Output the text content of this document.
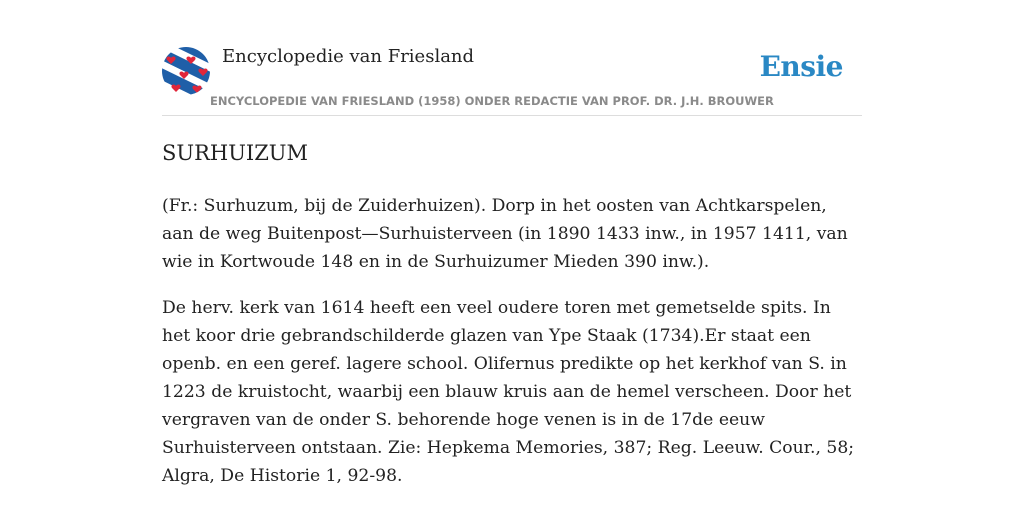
Encyclopedie van Friesland	Ensie
ENCYCLOPEDIE VAN FRIESLAND (1958) ONDER REDACTIE VAN PROF. DR. J.H. BROUWER
SURHUIZUM

(Fr.: Surhuzum, bij de Zuiderhuizen). Dorp in het oosten van Achtkarspelen, aan de weg Buitenpost—Surhuisterveen (in 1890 1433 inw., in 1957 1411, van wie in Kortwoude 148 en in de Surhuizumer Mieden 390 inw.).

De herv. kerk van 1614 heeft een veel oudere toren met gemetselde spits. In het koor drie gebrandschilderde glazen van Ype Staak (1734).Er staat een openb. en een geref. lagere school. Olifernus predikte op het kerkhof van S. in 1223 de kruistocht, waarbij een blauw kruis aan de hemel verscheen. Door het vergraven van de onder S. behorende hoge venen is in de 17de eeuw Surhuisterveen ontstaan. Zie: Hepkema Memories, 387; Reg. Leeuw. Cour., 58; Algra, De Historie 1, 92-98.
